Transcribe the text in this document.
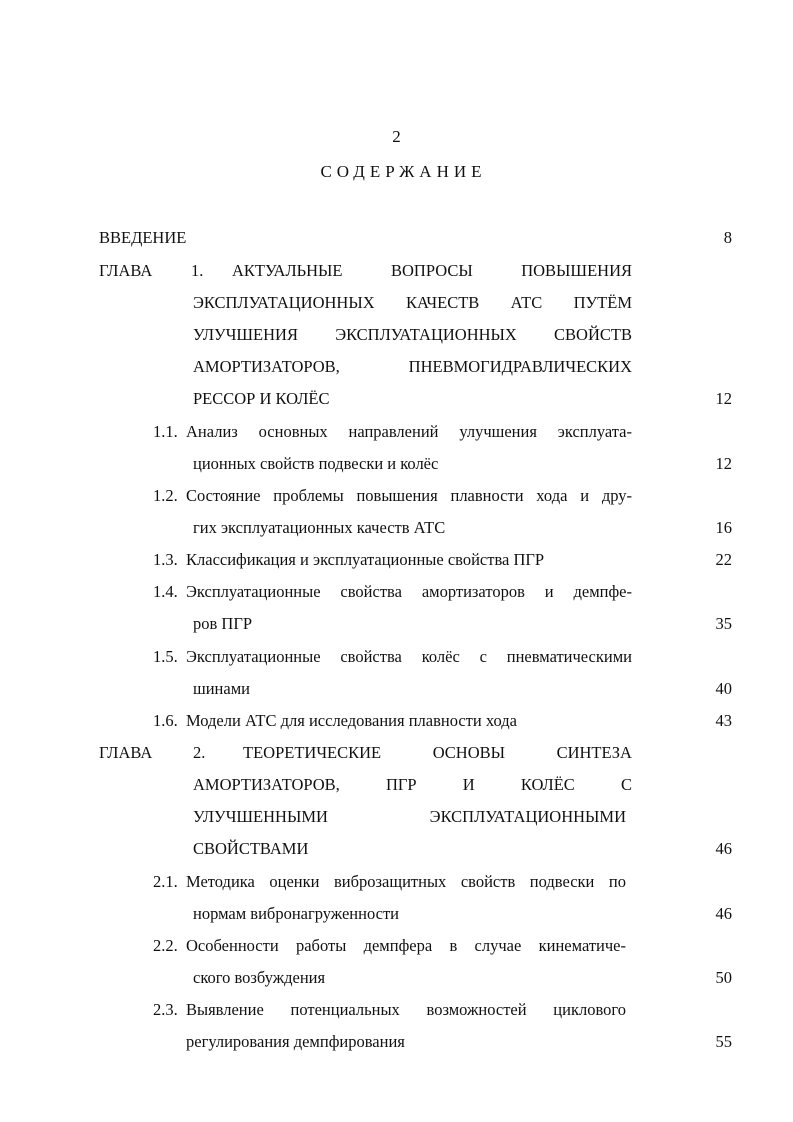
2
СОДЕРЖАНИЕ
ВВЕДЕНИЕ	8
ГЛАВА 1. АКТУАЛЬНЫЕ	ВОПРОСЫ	ПОВЫШЕНИЯ
ЭКСПЛУАТАЦИОННЫХ КАЧЕСТВ АТС ПУТЁМ
УЛУЧШЕНИЯ ЭКСПЛУАТАЦИОННЫХ СВОЙСТВ
АМОРТИЗАТОРОВ,	ПНЕВМОГИДРАВЛИЧЕСКИХ
РЕССОР И КОЛЁС	12
1.1. Анализ основных направлений улучшения эксплуата-
ционных свойств подвески и колёс	12
1.2. Состояние проблемы повышения плавности хода и дру-
гих эксплуатационных качеств АТС	16
1.3. Классификация и эксплуатационные свойства ПГР	22
1.4. Эксплуатационные свойства амортизаторов и демпфе-
ров ПГР	35
1.5. Эксплуатационные свойства колёс с пневматическими
шинами	40
1.6. Модели АТС для исследования плавности хода	43
ГЛАВА 2. ТЕОРЕТИЧЕСКИЕ	ОСНОВЫ	СИНТЕЗА
АМОРТИЗАТОРОВ,	ПГР	И	КОЛЁС	С
УЛУЧШЕННЫМИ	ЭКСПЛУАТАЦИОННЫМИ
СВОЙСТВАМИ	46
2.1. Методика оценки виброзащитных свойств подвески по
нормам вибронагруженности	46
2.2. Особенности работы демпфера в случае кинематиче-
ского возбуждения	50
2.3. Выявление потенциальных возможностей циклового
регулирования демпфирования	55
